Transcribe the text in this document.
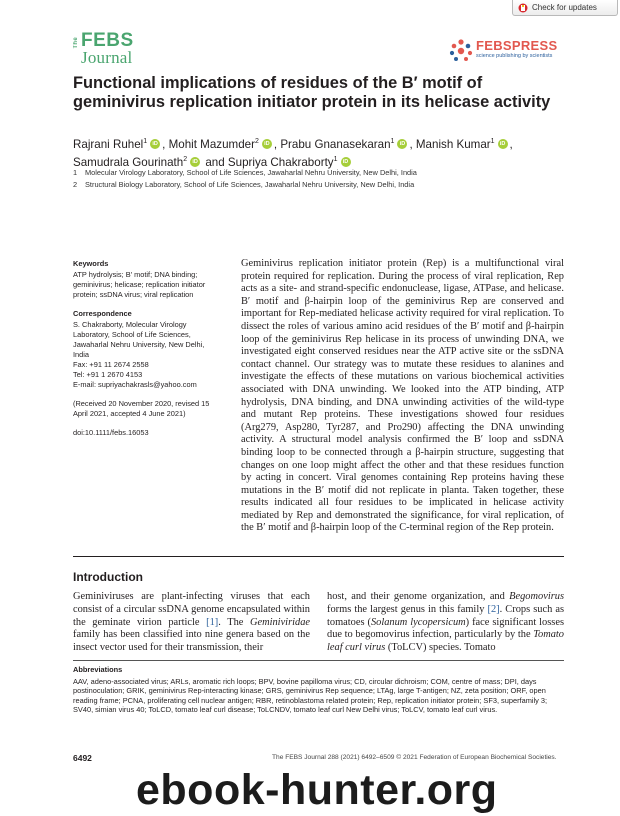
Check for updates
The FEBS
Journal
FEBSPRESS
science publishing by scientists
Functional implications of residues of the B′ motif of geminivirus replication initiator protein in its helicase activity
Rajrani Ruhel$^1$ iD , Mohit Mazumder$^2$ iD , Prabu Gnanasekaran$^1$ iD , Manish Kumar$^1$ iD ,
Samudrala Gourinath$^2$iD and Supriya Chakraborty$^1$iD
1 Molecular Virology Laboratory, School of Life Sciences, Jawaharlal Nehru University, New Delhi, India
2 Structural Biology Laboratory, School of Life Sciences, Jawaharlal Nehru University, New Delhi, India
Keywords

ATP hydrolysis; B′ motif; DNA binding; geminivirus; helicase; replication initiator protein; ssDNA virus; viral replication

Correspondence

S. Chakraborty, Molecular Virology

Laboratory, School of Life Sciences,

Jawaharlal Nehru University, New Delhi,

India

Fax: +91 11 2674 2558

Tel: +91 1 2670 4153

E-mail: supriyachakrasls@yahoo.com

(Received 20 November 2020, revised 15 April 2021, accepted 4 June 2021)
doi:10.1111/febs.16053

Geminivirus replication initiator protein (Rep) is a multifunctional viral protein required for replication. During the process of viral replication, Rep acts as a site- and strand-specific endonuclease, ligase, ATPase, and helicase. B′ motif and β-hairpin loop of the geminivirus Rep are conserved and important for Rep-mediated helicase activity required for viral replication. To dissect the roles of various amino acid residues of the B′ motif and β-hairpin loop of the geminivirus Rep helicase in its process of unwinding DNA, we investigated eight conserved residues near the ATP active site or the ssDNA contact channel. Our strategy was to mutate these residues to alanines and investigate the effects of these mutations on various biochemical activities associated with DNA unwinding. We looked into the ATP binding, ATP hydrolysis, DNA binding, and DNA unwinding activities of the wild-type and mutant Rep proteins. These investigations showed four residues (Arg279, Asp280, Tyr287, and Pro290) affecting the DNA unwinding activity. A structural model analysis confirmed the B′ loop and ssDNA binding loop to be connected through a β-hairpin structure, suggesting that changes on one loop might affect the other and that these residues function by acting in concert. Viral genomes containing Rep proteins having these mutations in the B′ motif did not replicate in planta. Taken together, these results indicated all four residues to be implicated in helicase activity mediated by Rep and demonstrated the significance, for viral replication, of the B′ motif and β-hairpin loop of the C-terminal region of the Rep protein.

Introduction

Geminiviruses are plant-infecting viruses that each consist of a circular ssDNA genome encapsulated within the geminate virion particle [1]. The Geminiviridae family has been classified into nine genera based on the insect vector used for their transmission, their

host, and their genome organization, and Begomovirus forms the largest genus in this family [2]. Crops such as tomatoes (Solanum lycopersicum) face significant losses due to begomovirus infection, particularly by the Tomato leaf curl virus (ToLCV) species. Tomato

Abbreviations

AAV, adeno-associated virus; ARLs, aromatic rich loops; BPV, bovine papilloma virus; CD, circular dichroism; COM, centre of mass; DPI, days postinoculation; GRIK, geminivirus Rep-interacting kinase; GRS, geminivirus Rep sequence; LTAg, large T-antigen; NZ, zeta position; ORF, open reading frame; PCNA, proliferating cell nuclear antigen; RBR, retinoblastoma related protein; Rep, replication initiator protein; SF3, superfamily 3; SV40, simian virus 40; ToLCD, tomato leaf curl disease; ToLCNDV, tomato leaf curl New Delhi virus; ToLCV, tomato leaf curl virus.

6492	The FEBS Journal 288 (2021) 6492–6509 © 2021 Federation of European Biochemical Societies.
ebook-hunter.org
